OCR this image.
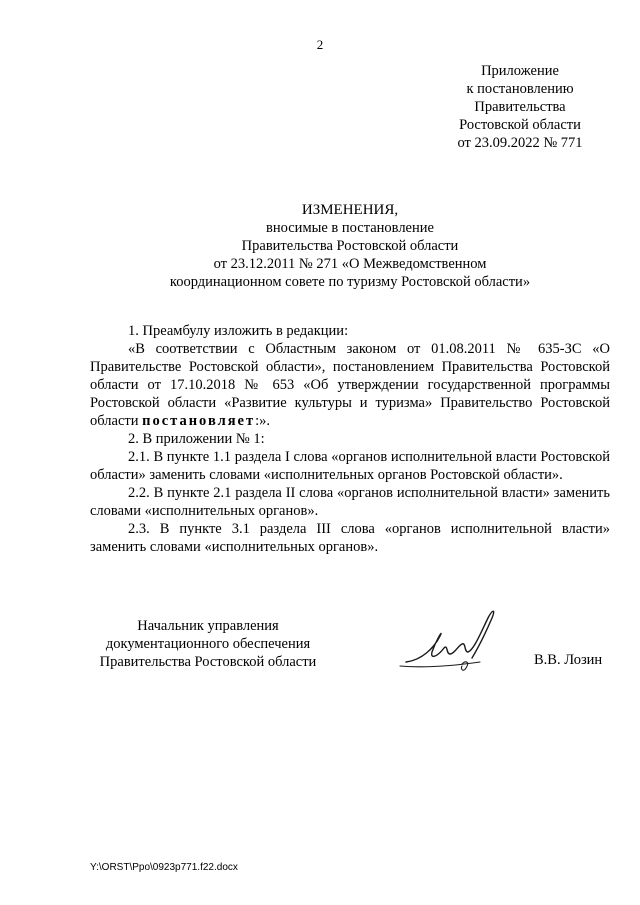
2
Приложение
к постановлению
Правительства
Ростовской области
от 23.09.2022 № 771
ИЗМЕНЕНИЯ,
вносимые в постановление
Правительства Ростовской области
от 23.12.2011 № 271 «О Межведомственном
координационном совете по туризму Ростовской области»

1. Преамбулу изложить в редакции:

«В соответствии с Областным законом от 01.08.2011 № 635-ЗС «О Правительстве Ростовской области», постановлением Правительства Ростовской области от 17.10.2018 № 653 «Об утверждении государственной программы Ростовской области «Развитие культуры и туризма» Правительство Ростовской области постановляет:».

2. В приложении № 1:

2.1. В пункте 1.1 раздела I слова «органов исполнительной власти Ростовской области» заменить словами «исполнительных органов Ростовской области».

2.2. В пункте 2.1 раздела II слова «органов исполнительной власти» заменить словами «исполнительных органов».

2.3. В пункте 3.1 раздела III слова «органов исполнительной власти» заменить словами «исполнительных органов».

Начальник управления
документационного обеспечения
Правительства Ростовской области	В.В. Лозин
Y:\ORST\Ppo\0923p771.f22.docx
